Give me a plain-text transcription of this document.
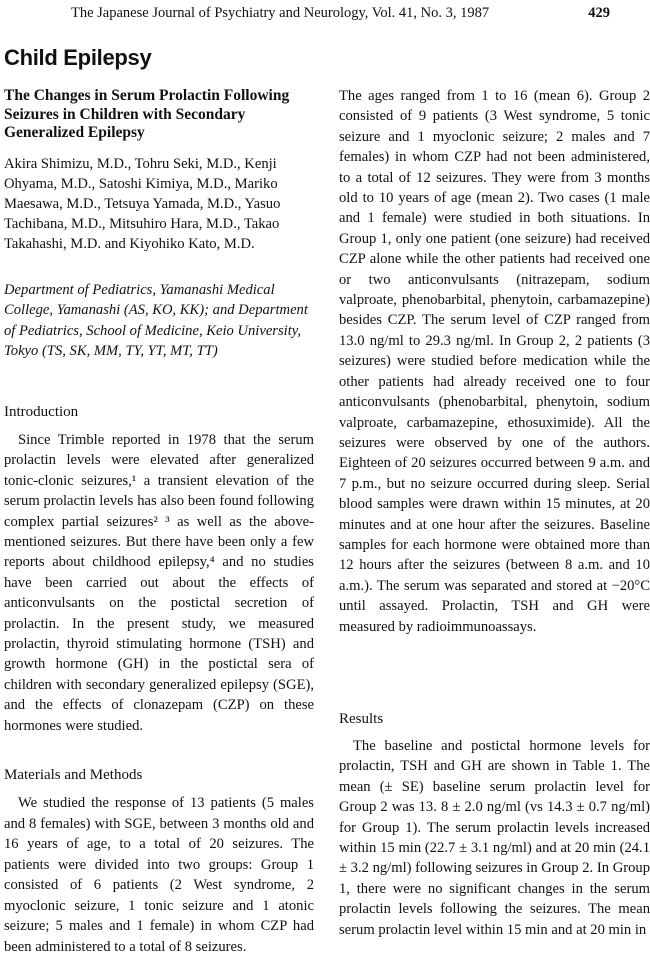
The Japanese Journal of Psychiatry and Neurology, Vol. 41, No. 3, 1987	429
Child Epilepsy
The Changes in Serum Prolactin Following Seizures in Children with Secondary Generalized Epilepsy
Akira Shimizu, M.D., Tohru Seki, M.D., Kenji Ohyama, M.D., Satoshi Kimiya, M.D., Mariko Maesawa, M.D., Tetsuya Yamada, M.D., Yasuo Tachibana, M.D., Mitsuhiro Hara, M.D., Takao Takahashi, M.D. and Kiyohiko Kato, M.D.
Department of Pediatrics, Yamanashi Medical College, Yamanashi (AS, KO, KK); and Department of Pediatrics, School of Medicine, Keio University, Tokyo (TS, SK, MM, TY, YT, MT, TT)
Introduction
Since Trimble reported in 1978 that the serum prolactin levels were elevated after generalized tonic-clonic seizures,¹ a transient elevation of the serum prolactin levels has also been found following complex partial seizures² ³ as well as the above-mentioned seizures. But there have been only a few reports about childhood epilepsy,⁴ and no studies have been carried out about the effects of anticonvulsants on the postictal secretion of prolactin. In the present study, we measured prolactin, thyroid stimulating hormone (TSH) and growth hormone (GH) in the postictal sera of children with secondary generalized epilepsy (SGE), and the effects of clonazepam (CZP) on these hormones were studied.
Materials and Methods
We studied the response of 13 patients (5 males and 8 females) with SGE, between 3 months old and 16 years of age, to a total of 20 seizures. The patients were divided into two groups: Group 1 consisted of 6 patients (2 West syndrome, 2 myoclonic seizure, 1 tonic seizure and 1 atonic seizure; 5 males and 1 female) in whom CZP had been administered to a total of 8 seizures.
The ages ranged from 1 to 16 (mean 6). Group 2 consisted of 9 patients (3 West syndrome, 5 tonic seizure and 1 myoclonic seizure; 2 males and 7 females) in whom CZP had not been administered, to a total of 12 seizures. They were from 3 months old to 10 years of age (mean 2). Two cases (1 male and 1 female) were studied in both situations. In Group 1, only one patient (one seizure) had received CZP alone while the other patients had received one or two anticonvulsants (nitrazepam, sodium valproate, phenobarbital, phenytoin, carbamazepine) besides CZP. The serum level of CZP ranged from 13.0 ng/ml to 29.3 ng/ml. In Group 2, 2 patients (3 seizures) were studied before medication while the other patients had already received one to four anticonvulsants (phenobarbital, phenytoin, sodium valproate, carbamazepine, ethosuximide). All the seizures were observed by one of the authors. Eighteen of 20 seizures occurred between 9 a.m. and 7 p.m., but no seizure occurred during sleep. Serial blood samples were drawn within 15 minutes, at 20 minutes and at one hour after the seizures. Baseline samples for each hormone were obtained more than 12 hours after the seizures (between 8 a.m. and 10 a.m.). The serum was separated and stored at −20°C until assayed. Prolactin, TSH and GH were measured by radioimmunoassays.
Results
The baseline and postictal hormone levels for prolactin, TSH and GH are shown in Table 1. The mean (± SE) baseline serum prolactin level for Group 2 was 13. 8 ± 2.0 ng/ml (vs 14.3 ± 0.7 ng/ml) for Group 1). The serum prolactin levels increased within 15 min (22.7 ± 3.1 ng/ml) and at 20 min (24.1 ± 3.2 ng/ml) following seizures in Group 2. In Group 1, there were no significant changes in the serum prolactin levels following the seizures. The mean serum prolactin level within 15 min and at 20 min in
